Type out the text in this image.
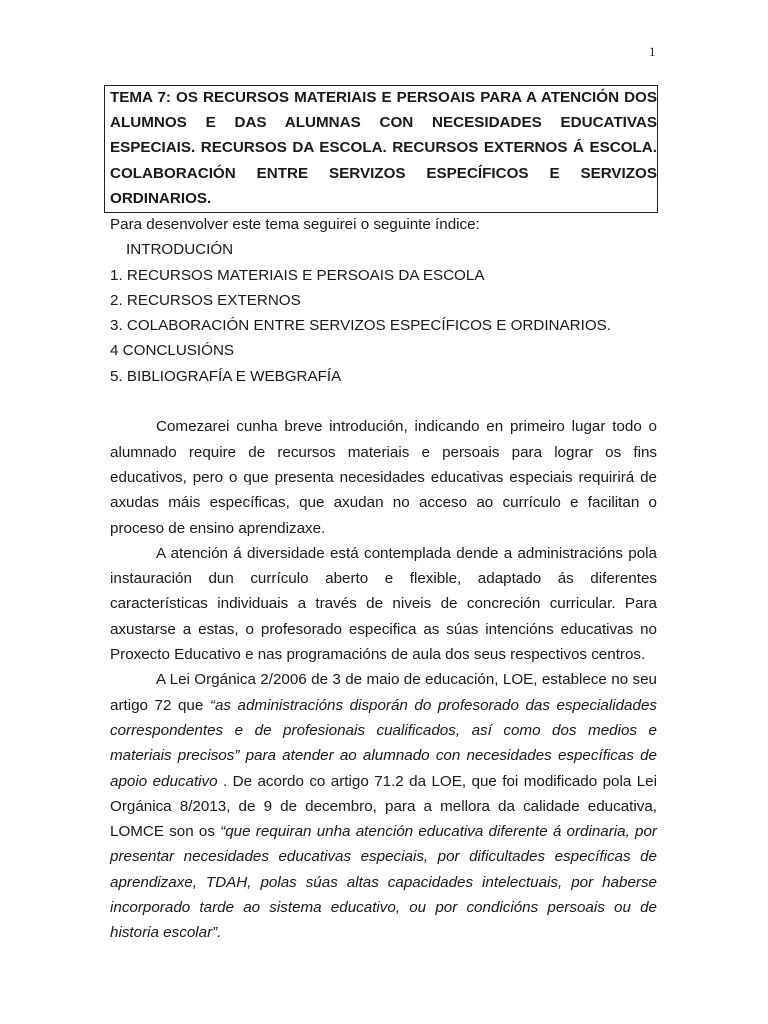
1
TEMA 7: OS RECURSOS MATERIAIS E PERSOAIS PARA A ATENCIÓN DOS ALUMNOS E DAS ALUMNAS CON NECESIDADES EDUCATIVAS ESPECIAIS. RECURSOS DA ESCOLA. RECURSOS EXTERNOS Á ESCOLA. COLABORACIÓN ENTRE SERVIZOS ESPECÍFICOS E SERVIZOS ORDINARIOS.
Para desenvolver este tema seguirei o seguinte índice:
INTRODUCIÓN
1. RECURSOS MATERIAIS E PERSOAIS DA ESCOLA
2. RECURSOS EXTERNOS
3. COLABORACIÓN ENTRE SERVIZOS ESPECÍFICOS E ORDINARIOS.
4 CONCLUSIÓNS
5. BIBLIOGRAFÍA E WEBGRAFÍA
Comezarei cunha breve introdución, indicando en primeiro lugar todo o alumnado require de recursos materiais e persoais para lograr os fins educativos, pero o que presenta necesidades educativas especiais requirirá de axudas máis específicas, que axudan no acceso ao currículo e facilitan o proceso de ensino aprendizaxe.
A atención á diversidade está contemplada dende a administracións pola instauración dun currículo aberto e flexible, adaptado ás diferentes características individuais a través de niveis de concreción curricular. Para axustarse a estas, o profesorado especifica as súas intencións educativas no Proxecto Educativo e nas programacións de aula dos seus respectivos centros.
A Lei Orgánica 2/2006 de 3 de maio de educación, LOE, establece no seu artigo 72 que “as administracións disporán do profesorado das especialidades correspondentes e de profesionais cualificados, así como dos medios e materiais precisos” para atender ao alumnado con necesidades específicas de apoio educativo . De acordo co artigo 71.2 da LOE, que foi modificado pola Lei Orgánica 8/2013, de 9 de decembro, para a mellora da calidade educativa, LOMCE son os “que requiran unha atención educativa diferente á ordinaria, por presentar necesidades educativas especiais, por dificultades específicas de aprendizaxe, TDAH, polas súas altas capacidades intelectuais, por haberse incorporado tarde ao sistema educativo, ou por condicións persoais ou de historia escolar”.
